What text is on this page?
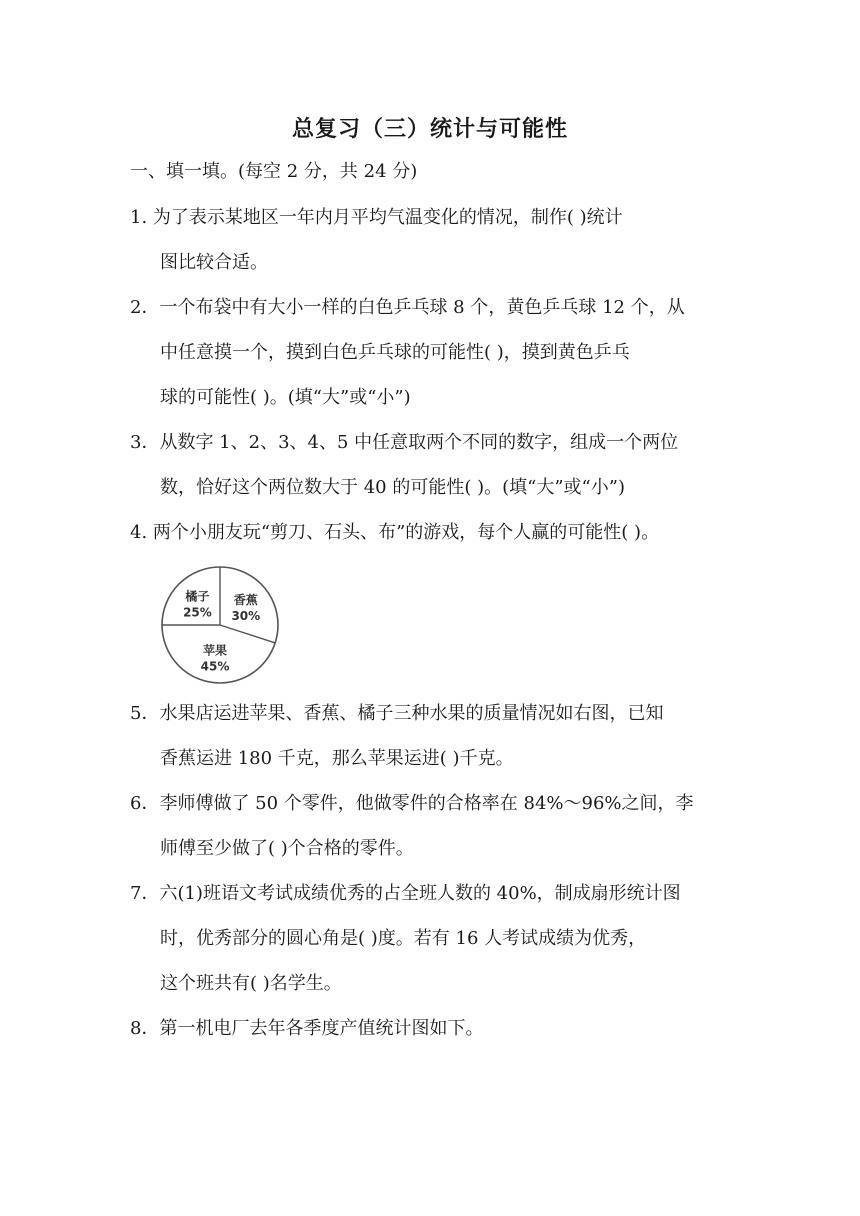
总复习（三）统计与可能性
一、填一填。(每空 2 分，共 24 分)
1. 为了表示某地区一年内月平均气温变化的情况，制作( )统计
图比较合适。
2．一个布袋中有大小一样的白色乒乓球 8 个，黄色乒乓球 12 个，从
中任意摸一个，摸到白色乒乓球的可能性( )，摸到黄色乒乓
球的可能性( )。(填“大”或“小”)
3．从数字 1、2、3、4、5 中任意取两个不同的数字，组成一个两位
数，恰好这个两位数大于 40 的可能性( )。(填“大”或“小”)
4. 两个小朋友玩“剪刀、石头、布”的游戏，每个人赢的可能性( )。
橘子
25%
香蕉
30%
苹果
45%
5．水果店运进苹果、香蕉、橘子三种水果的质量情况如右图，已知
香蕉运进 180 千克，那么苹果运进( )千克。
6．李师傅做了 50 个零件，他做零件的合格率在 84%～96%之间，李
师傅至少做了( )个合格的零件。
7．六(1)班语文考试成绩优秀的占全班人数的 40%，制成扇形统计图
时，优秀部分的圆心角是( )度。若有 16 人考试成绩为优秀，
这个班共有( )名学生。
8．第一机电厂去年各季度产值统计图如下。
